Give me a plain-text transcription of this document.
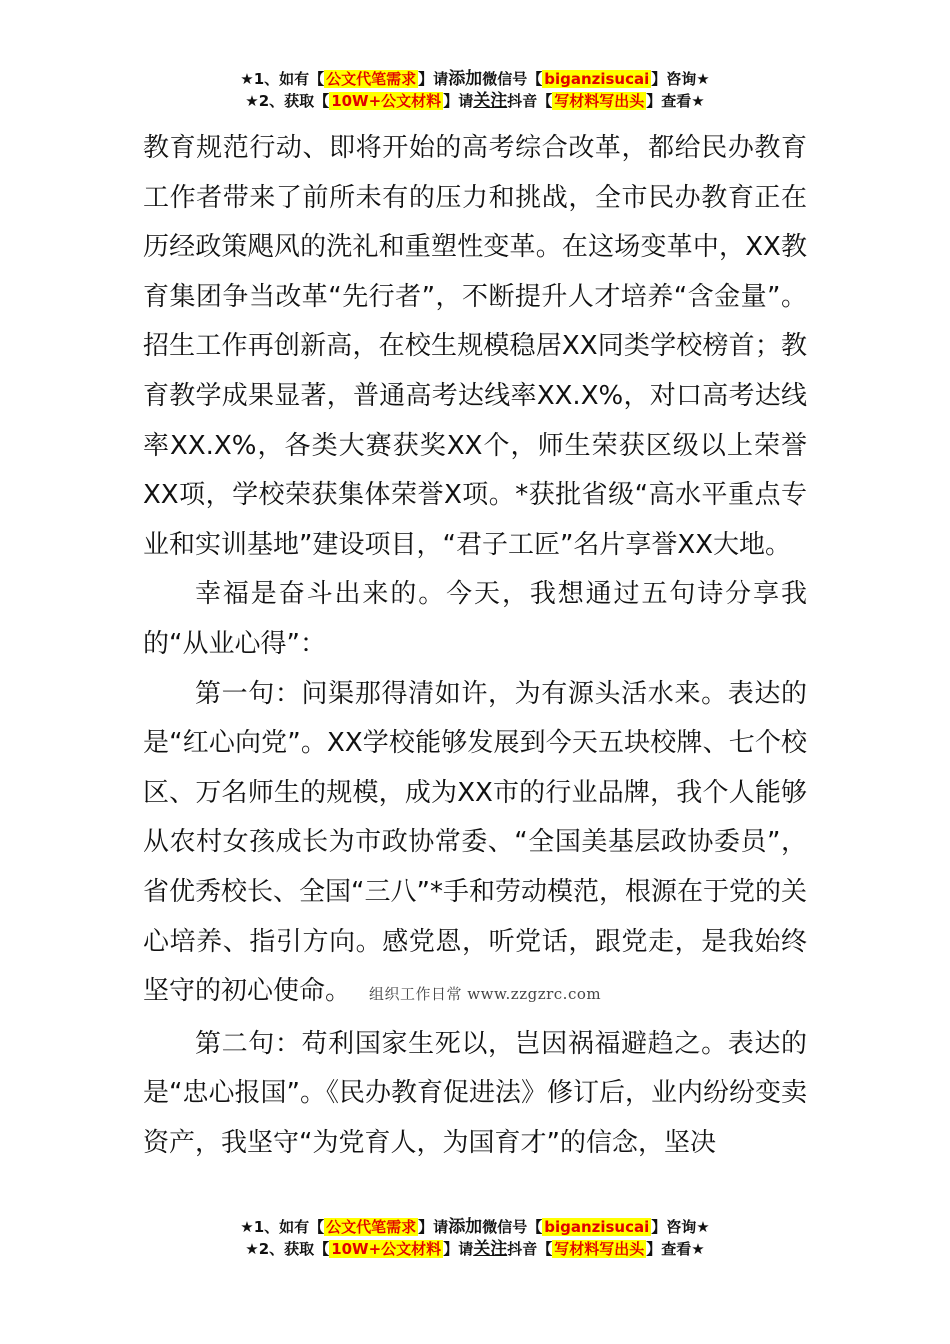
★1、如有【 公文代笔需求 】请添加微信号【 biganzisucai 】咨询★
★2、获取【 10W+公文材料 】请关注抖音【 写材料写出头 】查看★

教育规范行动、即将开始的高考综合改革，都给民办教育工作者带来了前所未有的压力和挑战，全市民办教育正在历经政策飓风的洗礼和重塑性变革。在这场变革中，XX教育集团争当改革“先行者”，不断提升人才培养“含金量”。招生工作再创新高，在校生规模稳居XX同类学校榜首；教育教学成果显著，普通高考达线率XX.X%，对口高考达线率XX.X%，各类大赛获奖XX个，师生荣获区级以上荣誉XX项，学校荣获集体荣誉X项。*获批省级“高水平重点专业和实训基地”建设项目，“君子工匠”名片享誉XX大地。

幸福是奋斗出来的。今天，我想通过五句诗分享我的“从业心得”：

第一句：问渠那得清如许，为有源头活水来。表达的是“红心向党”。XX学校能够发展到今天五块校牌、七个校区、万名师生的规模，成为XX市的行业品牌，我个人能够从农村女孩成长为市政协常委、“全国美基层政协委员”，省优秀校长、全国“三八”*手和劳动模范，根源在于党的关心培养、指引方向。感党恩，听党话，跟党走，是我始终坚守的初心使命。 组织工作日常 www.zzgzrc.com

第二句：苟利国家生死以，岂因祸福避趋之。表达的是“忠心报国”。《民办教育促进法》修订后，业内纷纷变卖资产，我坚守“为党育人，为国育才”的信念，坚决

★1、如有【 公文代笔需求 】请添加微信号【 biganzisucai 】咨询★
★2、获取【 10W+公文材料 】请关注抖音【 写材料写出头 】查看★
